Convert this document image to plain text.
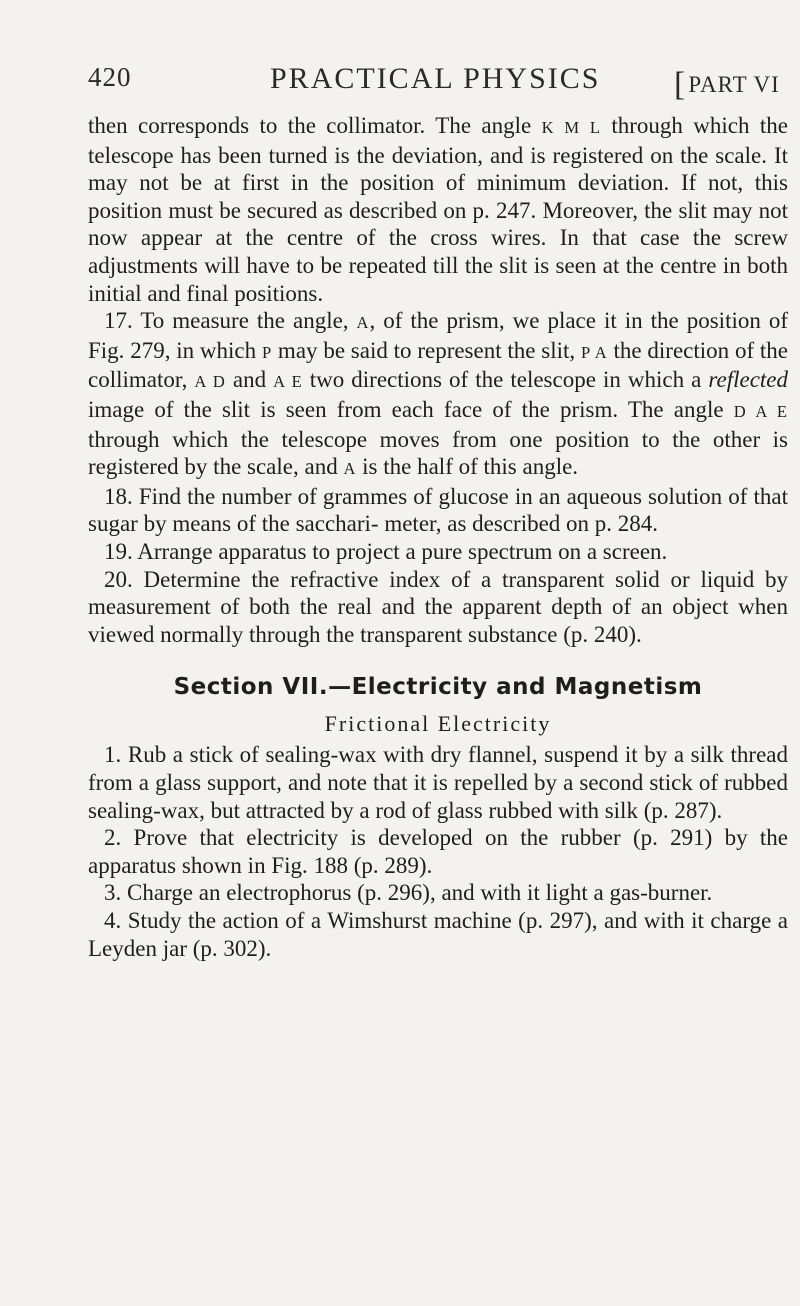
420	PRACTICAL PHYSICS [PART VI

then corresponds to the collimator. The angle K M L through which the telescope has been turned is the deviation, and is registered on the scale. It may not be at first in the position of minimum deviation. If not, this position must be secured as described on p. 247. Moreover, the slit may not now appear at the centre of the cross wires. In that case the screw adjustments will have to be repeated till the slit is seen at the centre in both initial and final positions.

17. To measure the angle, A, of the prism, we place it in the position of Fig. 279, in which P may be said to represent the slit, P A the direction of the collimator, A D and A E two directions of the telescope in which a reflected image of the slit is seen from each face of the prism. The angle D A E through which the telescope moves from one position to the other is registered by the scale, and A is the half of this angle.

18. Find the number of grammes of glucose in an aqueous solution of that sugar by means of the sacchari- meter, as described on p. 284.

19. Arrange apparatus to project a pure spectrum on a screen.

20. Determine the refractive index of a transparent solid or liquid by measurement of both the real and the apparent depth of an object when viewed normally through the transparent substance (p. 240).

Section VII.—Electricity and Magnetism
Frictional Electricity

1. Rub a stick of sealing-wax with dry flannel, suspend it by a silk thread from a glass support, and note that it is repelled by a second stick of rubbed sealing-wax, but attracted by a rod of glass rubbed with silk (p. 287).

2. Prove that electricity is developed on the rubber (p. 291) by the apparatus shown in Fig. 188 (p. 289).

3. Charge an electrophorus (p. 296), and with it light a gas-burner.

4. Study the action of a Wimshurst machine (p. 297), and with it charge a Leyden jar (p. 302).
